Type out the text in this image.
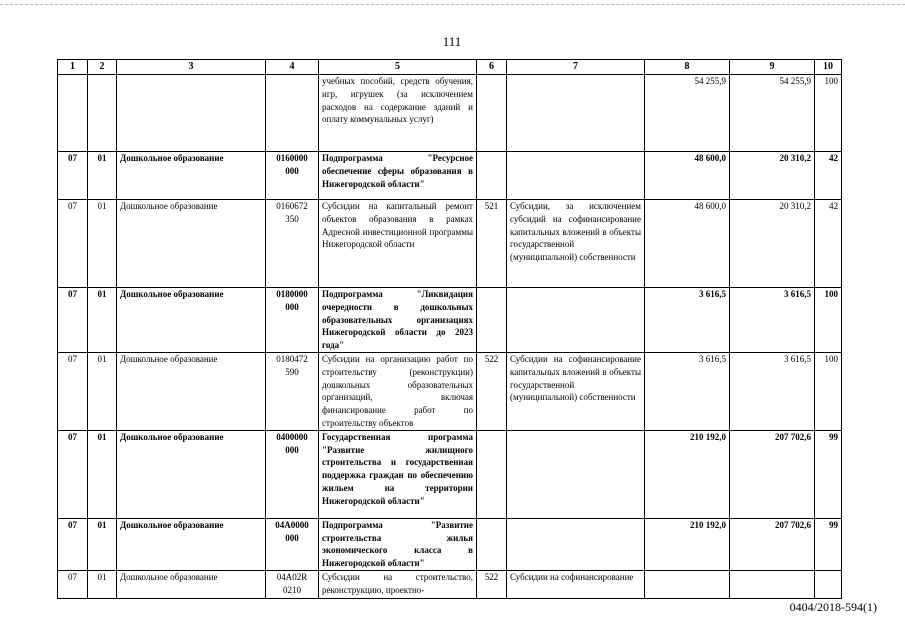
111
1	2	3	4	5	6	7	8	9	10
				учебных пособий, средств обучения, игр, игрушек (за исключением расходов на содержание зданий и оплату коммунальных услуг)			54 255,9	54 255,9	100
07	01	Дошкольное образование	0160000 000	Подпрограмма "Ресурсное обеспечение сферы образования в Нижегородской области"			48 600,0	20 310,2	42
07	01	Дошкольное образование	0160672 350	Субсидии на капитальный ремонт объектов образования в рамках Адресной инвестиционной программы Нижегородской области	521	Субсидии, за исключением субсидий на софинансирование капитальных вложений в объекты государственной (муниципальной) собственности	48 600,0	20 310,2	42
07	01	Дошкольное образование	0180000 000	Подпрограмма "Ликвидация очередности в дошкольных образовательных организациях Нижегородской области до 2023 года"			3 616,5	3 616,5	100
07	01	Дошкольное образование	0180472 590	Субсидии на организацию работ по строительству (реконструкции) дошкольных образовательных организаций, включая финансирование работ по строительству объектов	522	Субсидии на софинансирование капитальных вложений в объекты государственной (муниципальной) собственности	3 616,5	3 616,5	100
07	01	Дошкольное образование	0400000 000	Государственная программа "Развитие жилищного строительства и государственная поддержка граждан по обеспечению жильем на территории Нижегородской области"			210 192,0	207 702,6	99
07	01	Дошкольное образование	04А0000 000	Подпрограмма "Развитие строительства жилья экономического класса в Нижегородской области"			210 192,0	207 702,6	99
07	01	Дошкольное образование	04А02R 0210	Субсидии на строительство, реконструкцию, проектно-	522	Субсидии на софинансирование			
0404/2018-594(1)
